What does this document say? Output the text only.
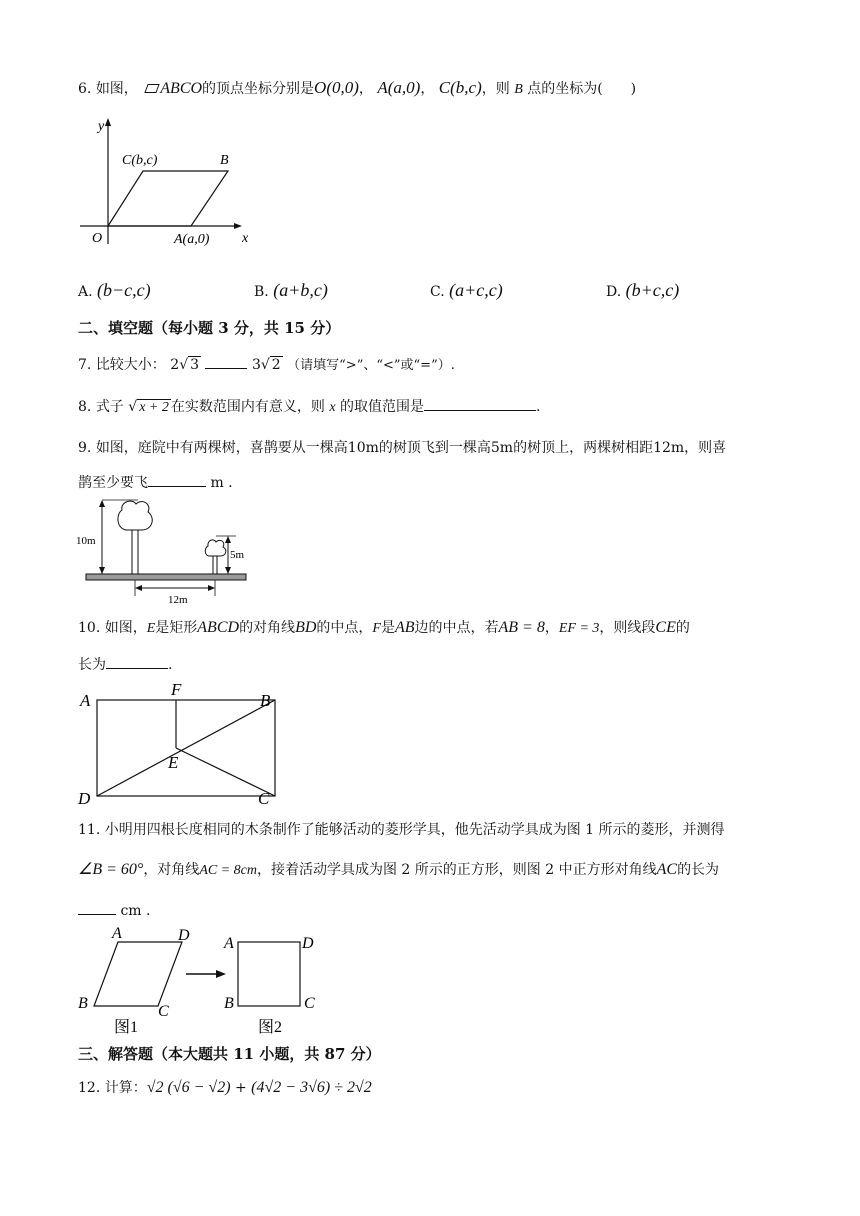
6. 如图， ABCO的顶点坐标分别是O(0,0)， A(a,0)， C(b,c)，则 B 点的坐标为(　　)
y
x
O
C(b,c)	B
A(a,0)
A. (b−c,c)	B. (a+b,c)	C. (a+c,c)	D. (b+c,c)
二、填空题（每小题 3 分，共 15 分）
7. 比较大小： 2√ 3	3√ 2 （请填写“>”、“<”或“=”）.
8. 式子 √ x + 2 在实数范围内有意义，则 x 的取值范围是	.
9. 如图，庭院中有两棵树，喜鹊要从一棵高10m的树顶飞到一棵高5m的树顶上，两棵树相距12m，则喜
鹊至少要飞	m .
10m
5m
12m
10. 如图，E是矩形ABCD的对角线BD的中点，F是AB边的中点，若AB = 8，EF = 3，则线段CE的
长为	.
A
F
B
E
D	C
11. 小明用四根长度相同的木条制作了能够活动的菱形学具，他先活动学具成为图 1 所示的菱形，并测得
∠B = 60°，对角线AC = 8cm，接着活动学具成为图 2 所示的正方形，则图 2 中正方形对角线AC的长为
cm .
A	D
B	C
A	D
B	C
图1	图2
三、解答题（本大题共 11 小题，共 87 分）
12. 计算：√2 (√6 − √2) + (4√2 − 3√6) ÷ 2√2
